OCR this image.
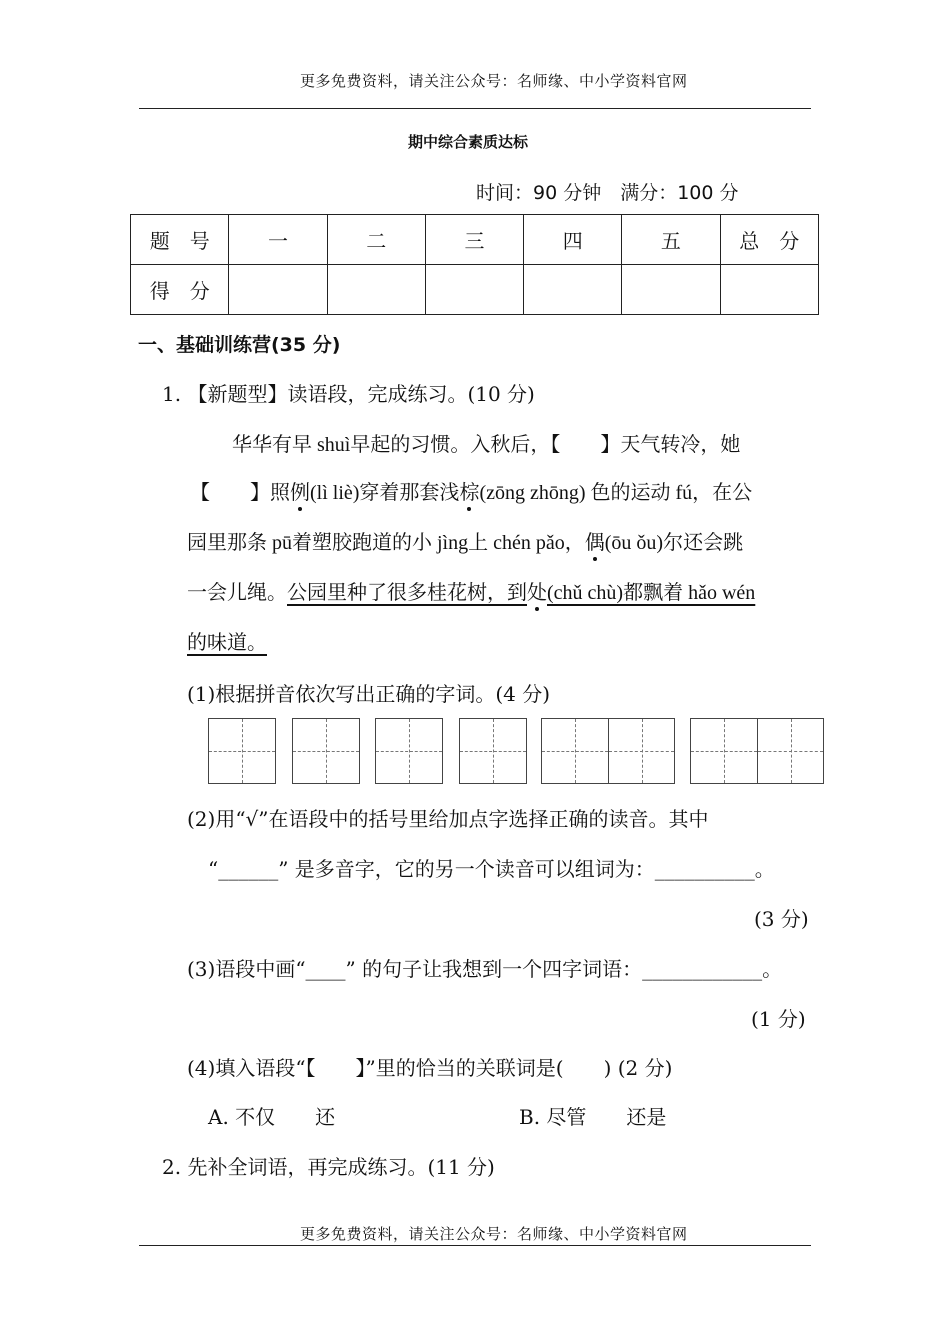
更多免费资料，请关注公众号：名师缘、中小学资料官网
期中综合素质达标
时间：90 分钟　满分：100 分
题　号	一	二	三	四	五	总　分
得　分						
一、基础训练营(35 分)
1. 【新题型】读语段，完成练习。(10 分)
华华有早 shuì早起的习惯。入秋后，【　　】天气转冷，她
【　　】照例(lì liè)穿着那套浅棕(zōng zhōng) 色的运动 fú，在公
园里那条 pū着塑胶跑道的小 jìng上 chén pǎo，偶(ōu ǒu)尔还会跳
一会儿绳。公园里种了很多桂花树，到处(chǔ chù)都飘着 hǎo wén
的味道。
(1)根据拼音依次写出正确的字词。(4 分)
(2)用“√”在语段中的括号里给加点字选择正确的读音。其中
“______” 是多音字，它的另一个读音可以组词为：__________。
(3 分)
(3)语段中画“____” 的句子让我想到一个四字词语：____________。
(1 分)
(4)填入语段“【　　】”里的恰当的关联词是(　　) (2 分)
A. 不仅　　还	B. 尽管　　还是
2. 先补全词语，再完成练习。(11 分)
更多免费资料，请关注公众号：名师缘、中小学资料官网
